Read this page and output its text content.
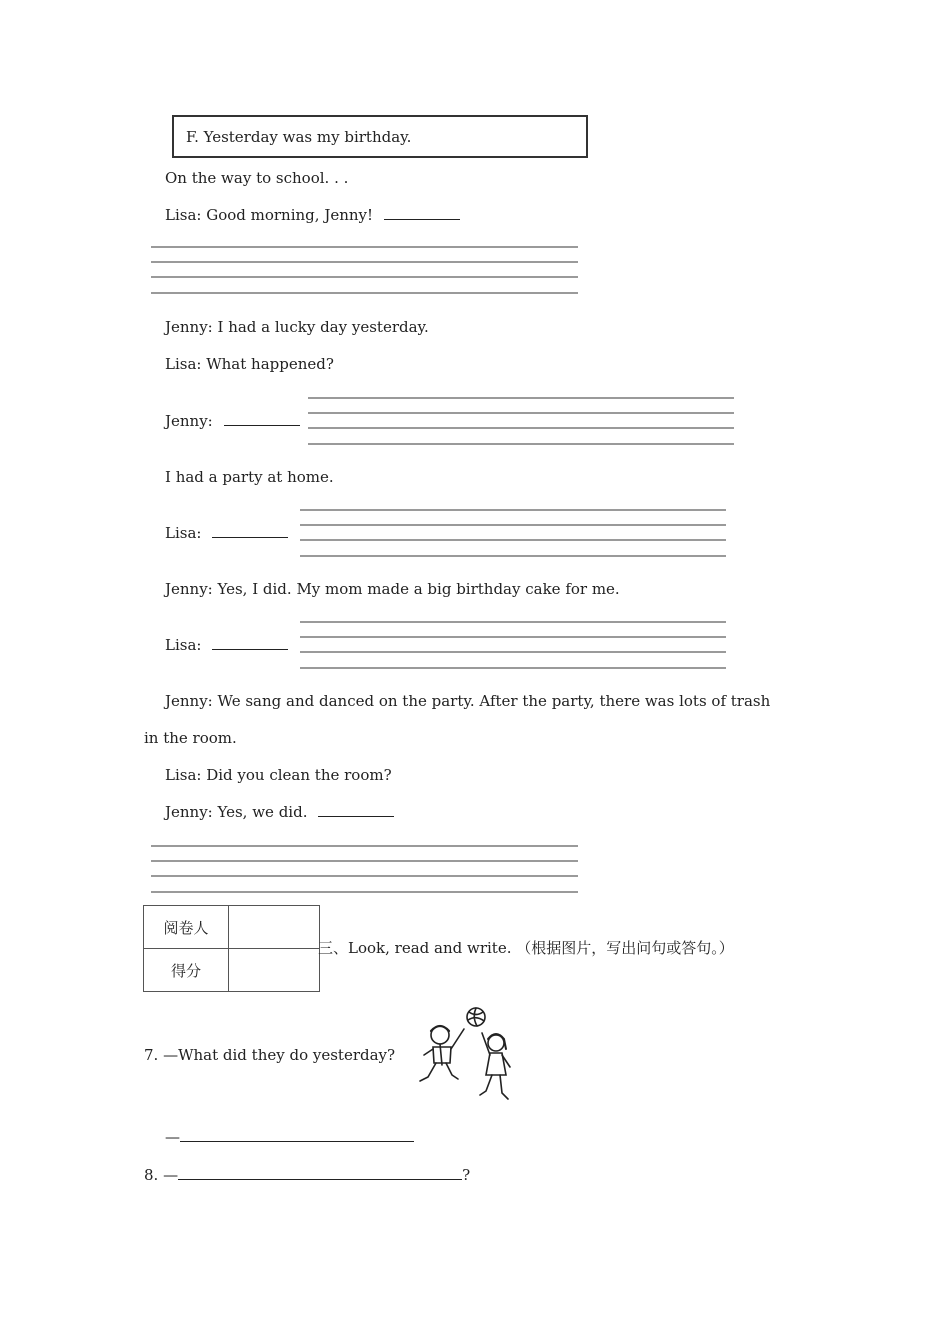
F. Yesterday was my birthday.
On the way to school. . .
Lisa: Good morning, Jenny!
Jenny: I had a lucky day yesterday.
Lisa: What happened?
Jenny:
I had a party at home.
Lisa:
Jenny: Yes, I did. My mom made a big birthday cake for me.
Lisa:
Jenny: We sang and danced on the party. After the party, there was lots of trash
in the room.
Lisa: Did you clean the room?
Jenny: Yes, we did.
阅卷人	
得分	
三、Look, read and write. （根据图片，写出问句或答句。）
7. —What did they do yesterday?
—
8. —	?
